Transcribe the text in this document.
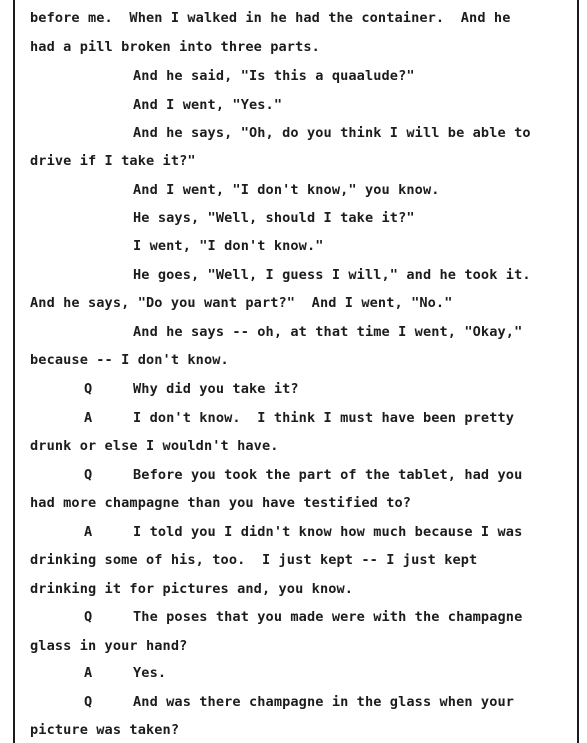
before me.  When I walked in he had the container.  And he
had a pill broken into three parts.
And he said, "Is this a quaalude?"
And I went, "Yes."
And he says, "Oh, do you think I will be able to
drive if I take it?"
And I went, "I don't know," you know.
He says, "Well, should I take it?"
I went, "I don't know."
He goes, "Well, I guess I will," and he took it.
And he says, "Do you want part?"  And I went, "No."
And he says -- oh, at that time I went, "Okay,"
because -- I don't know.
Q	Why did you take it?
A	I don't know.  I think I must have been pretty
drunk or else I wouldn't have.
Q	Before you took the part of the tablet, had you
had more champagne than you have testified to?
A	I told you I didn't know how much because I was
drinking some of his, too.  I just kept -- I just kept
drinking it for pictures and, you know.
Q	The poses that you made were with the champagne
glass in your hand?
A	Yes.
Q	And was there champagne in the glass when your
picture was taken?
